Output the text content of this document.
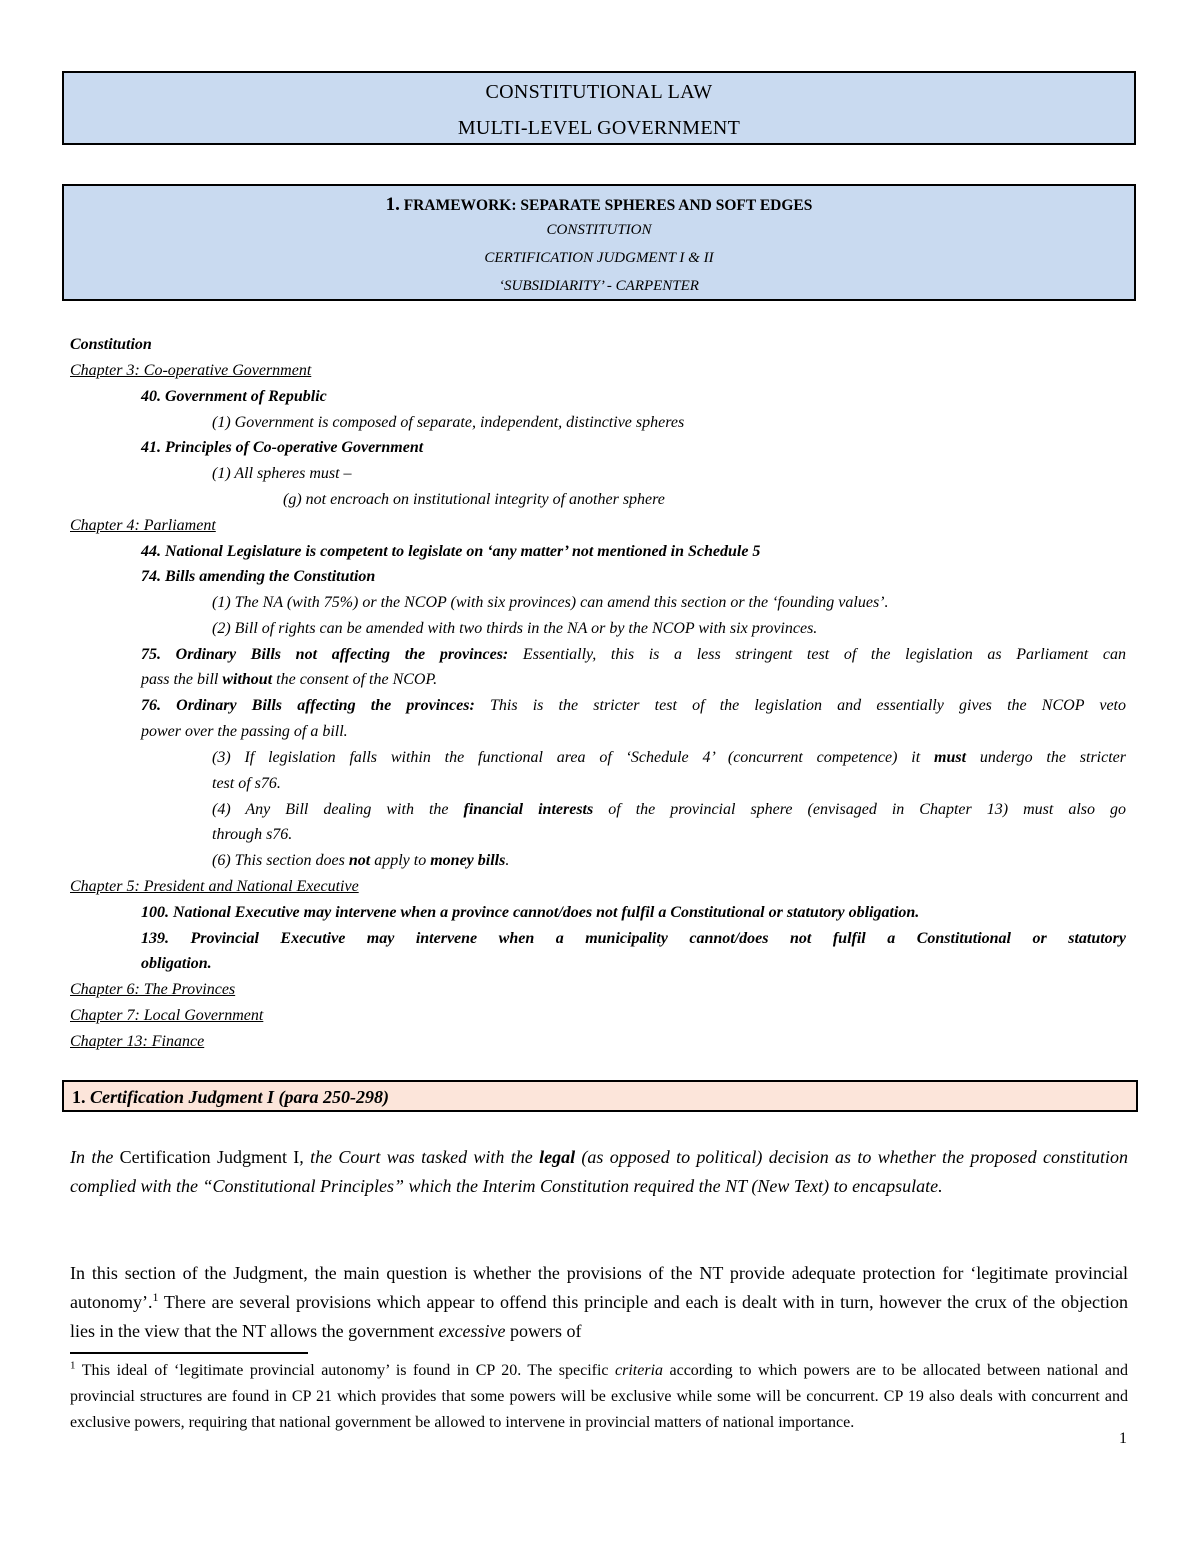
CONSTITUTIONAL LAW
MULTI-LEVEL GOVERNMENT
1. FRAMEWORK: SEPARATE SPHERES AND SOFT EDGES
CONSTITUTION
CERTIFICATION JUDGMENT I & II
‘SUBSIDIARITY’ - CARPENTER
Constitution
Chapter 3: Co-operative Government
40. Government of Republic
(1) Government is composed of separate, independent, distinctive spheres
41. Principles of Co-operative Government
(1) All spheres must –
(g) not encroach on institutional integrity of another sphere
Chapter 4: Parliament
44. National Legislature is competent to legislate on ‘any matter’ not mentioned in Schedule 5
74. Bills amending the Constitution
(1) The NA (with 75%) or the NCOP (with six provinces) can amend this section or the ‘founding values’.
(2) Bill of rights can be amended with two thirds in the NA or by the NCOP with six provinces.
75. Ordinary Bills not affecting the provinces: Essentially, this is a less stringent test of the legislation as Parliament can
pass the bill without the consent of the NCOP.
76. Ordinary Bills affecting the provinces: This is the stricter test of the legislation and essentially gives the NCOP veto
power over the passing of a bill.
(3) If legislation falls within the functional area of ‘Schedule 4’ (concurrent competence) it must undergo the stricter
test of s76.
(4) Any Bill dealing with the financial interests of the provincial sphere (envisaged in Chapter 13) must also go
through s76.
(6) This section does not apply to money bills.
Chapter 5: President and National Executive
100. National Executive may intervene when a province cannot/does not fulfil a Constitutional or statutory obligation.
139. Provincial Executive may intervene when a municipality cannot/does not fulfil a Constitutional or statutory
obligation.
Chapter 6: The Provinces
Chapter 7: Local Government
Chapter 13: Finance
1. Certification Judgment I (para 250-298)
In the Certification Judgment I, the Court was tasked with the legal (as opposed to political) decision as to whether the proposed constitution complied with the “Constitutional Principles” which the Interim Constitution required the NT (New Text) to encapsulate.
In this section of the Judgment, the main question is whether the provisions of the NT provide adequate protection for ‘legitimate provincial autonomy’.$^1$ There are several provisions which appear to offend this principle and each is dealt with in turn, however the crux of the objection lies in the view that the NT allows the government excessive powers of
$^1$ This ideal of ‘legitimate provincial autonomy’ is found in CP 20. The specific criteria according to which powers are to be allocated between national and provincial structures are found in CP 21 which provides that some powers will be exclusive while some will be concurrent. CP 19 also deals with concurrent and exclusive powers, requiring that national government be allowed to intervene in provincial matters of national importance.
1
